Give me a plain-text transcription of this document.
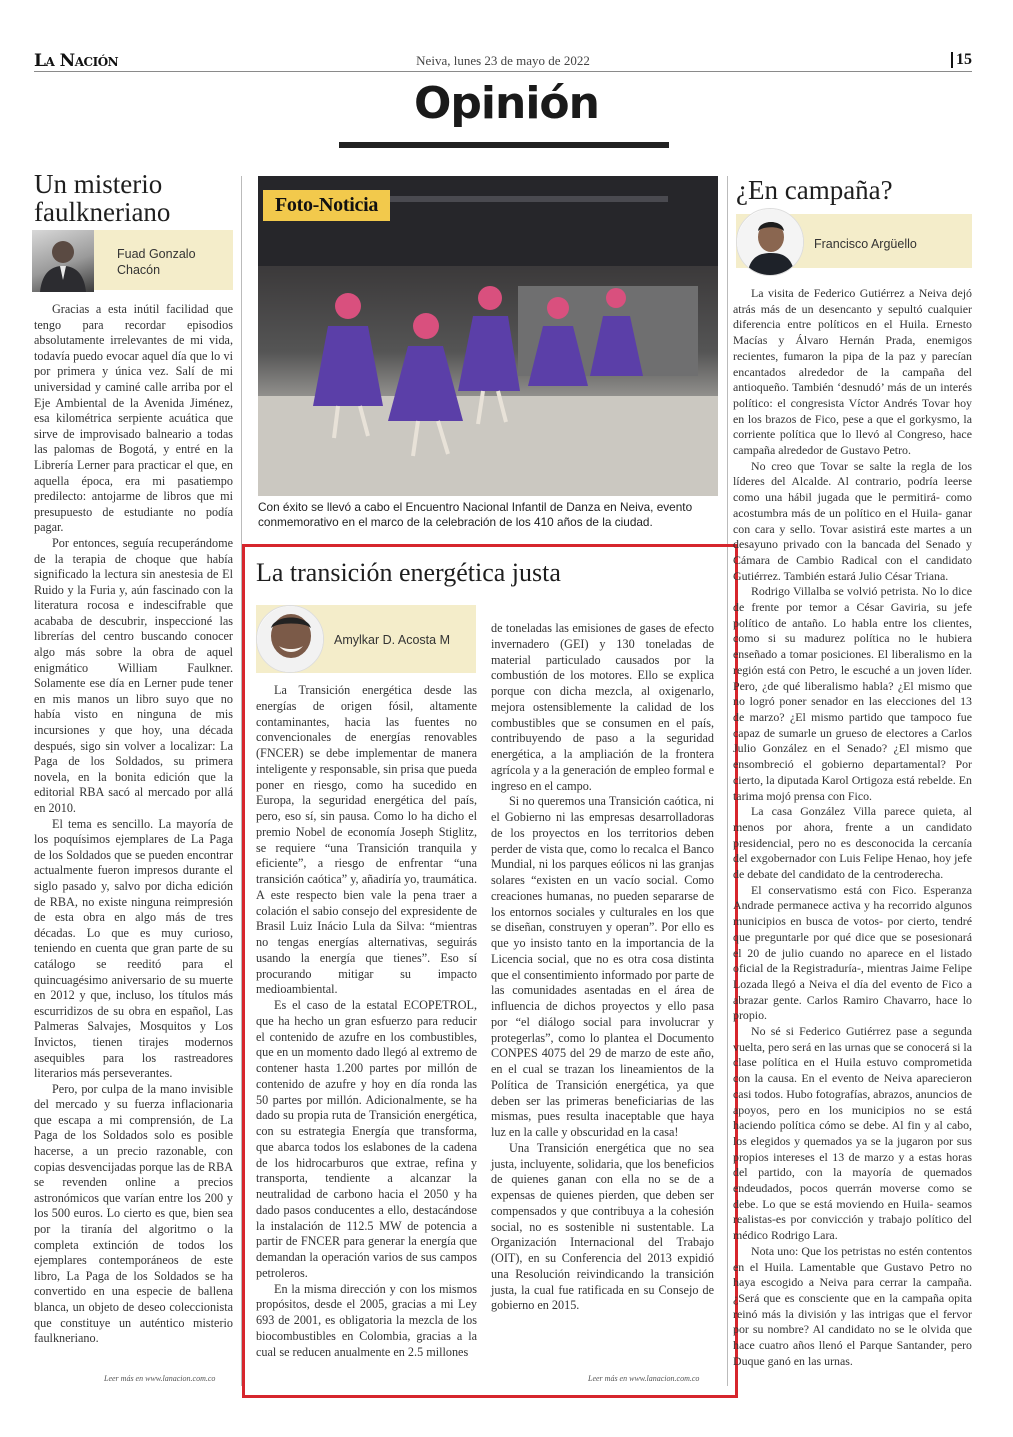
La Nación	Neiva, lunes 23 de mayo de 2022	15
Opinión
Un misterio faulkneriano
Fuad Gonzalo Chacón

Gracias a esta inútil facilidad que tengo para recordar episodios absolutamente irrelevantes de mi vida, todavía puedo evocar aquel día que lo vi por primera y única vez. Salí de mi universidad y caminé calle arriba por el Eje Ambiental de la Avenida Jiménez, esa kilométrica serpiente acuática que sirve de improvisado balneario a todas las palomas de Bogotá, y entré en la Librería Lerner para practicar el que, en aquella época, era mi pasatiempo predilecto: antojarme de libros que mi presupuesto de estudiante no podía pagar.

Por entonces, seguía recuperándome de la terapia de choque que había significado la lectura sin anestesia de El Ruido y la Furia y, aún fascinado con la literatura rocosa e indescifrable que acababa de descubrir, inspeccioné las librerías del centro buscando conocer algo más sobre la obra de aquel enigmático William Faulkner. Solamente ese día en Lerner pude tener en mis manos un libro suyo que no había visto en ninguna de mis incursiones y que hoy, una década después, sigo sin volver a localizar: La Paga de los Soldados, su primera novela, en la bonita edición que la editorial RBA sacó al mercado por allá en 2010.

El tema es sencillo. La mayoría de los poquísimos ejemplares de La Paga de los Soldados que se pueden encontrar actualmente fueron impresos durante el siglo pasado y, salvo por dicha edición de RBA, no existe ninguna reimpresión de esta obra en algo más de tres décadas. Lo que es muy curioso, teniendo en cuenta que gran parte de su catálogo se reeditó para el quincuagésimo aniversario de su muerte en 2012 y que, incluso, los títulos más escurridizos de su obra en español, Las Palmeras Salvajes, Mosquitos y Los Invictos, tienen tirajes modernos asequibles para los rastreadores literarios más perseverantes.

Pero, por culpa de la mano invisible del mercado y su fuerza inflacionaria que escapa a mi comprensión, de La Paga de los Soldados solo es posible hacerse, a un precio razonable, con copias desvencijadas porque las de RBA se revenden online a precios astronómicos que varían entre los 200 y los 500 euros. Lo cierto es que, bien sea por la tiranía del algoritmo o la completa extinción de todos los ejemplares contemporáneos de este libro, La Paga de los Soldados se ha convertido en una especie de ballena blanca, un objeto de deseo coleccionista que constituye un auténtico misterio faulkneriano.

Leer más en www.lanacion.com.co
Foto-Noticia
Con éxito se llevó a cabo el Encuentro Nacional Infantil de Danza en Neiva, evento conmemorativo en el marco de la celebración de los 410 años de la ciudad.
La transición energética justa
Amylkar D. Acosta M

La Transición energética desde las energías de origen fósil, altamente contaminantes, hacia las fuentes no convencionales de energías renovables (FNCER) se debe implementar de manera inteligente y responsable, sin prisa que pueda poner en riesgo, como ha sucedido en Europa, la seguridad energética del país, pero, eso sí, sin pausa. Como lo ha dicho el premio Nobel de economía Joseph Stiglitz, se requiere “una Transición tranquila y eficiente”, a riesgo de enfrentar “una transición caótica” y, añadiría yo, traumática. A este respecto bien vale la pena traer a colación el sabio consejo del expresidente de Brasil Luiz Inácio Lula da Silva: “mientras no tengas energías alternativas, seguirás usando la energía que tienes”. Eso sí procurando mitigar su impacto medioambiental.

Es el caso de la estatal ECOPETROL, que ha hecho un gran esfuerzo para reducir el contenido de azufre en los combustibles, que en un momento dado llegó al extremo de contener hasta 1.200 partes por millón de contenido de azufre y hoy en día ronda las 50 partes por millón. Adicionalmente, se ha dado su propia ruta de Transición energética, con su estrategia Energía que transforma, que abarca todos los eslabones de la cadena de los hidrocarburos que extrae, refina y transporta, tendiente a alcanzar la neutralidad de carbono hacia el 2050 y ha dado pasos conducentes a ello, destacándose la instalación de 112.5 MW de potencia a partir de FNCER para generar la energía que demandan la operación varios de sus campos petroleros.

En la misma dirección y con los mismos propósitos, desde el 2005, gracias a mi Ley 693 de 2001, es obligatoria la mezcla de los biocombustibles en Colombia, gracias a la cual se reducen anualmente en 2.5 millones

de toneladas las emisiones de gases de efecto invernadero (GEI) y 130 toneladas de material particulado causados por la combustión de los motores. Ello se explica porque con dicha mezcla, al oxigenarlo, mejora ostensiblemente la calidad de los combustibles que se consumen en el país, contribuyendo de paso a la seguridad energética, a la ampliación de la frontera agrícola y a la generación de empleo formal e ingreso en el campo.

Si no queremos una Transición caótica, ni el Gobierno ni las empresas desarrolladoras de los proyectos en los territorios deben perder de vista que, como lo recalca el Banco Mundial, ni los parques eólicos ni las granjas solares “existen en un vacío social. Como creaciones humanas, no pueden separarse de los entornos sociales y culturales en los que se diseñan, construyen y operan”. Por ello es que yo insisto tanto en la importancia de la Licencia social, que no es otra cosa distinta que el consentimiento informado por parte de las comunidades asentadas en el área de influencia de dichos proyectos y ello pasa por “el diálogo social para involucrar y protegerlas”, como lo plantea el Documento CONPES 4075 del 29 de marzo de este año, en el cual se trazan los lineamientos de la Política de Transición energética, ya que deben ser las primeras beneficiarias de las mismas, pues resulta inaceptable que haya luz en la calle y obscuridad en la casa!

Una Transición energética que no sea justa, incluyente, solidaria, que los beneficios de quienes ganan con ella no se de a expensas de quienes pierden, que deben ser compensados y que contribuya a la cohesión social, no es sostenible ni sustentable. La Organización Internacional del Trabajo (OIT), en su Conferencia del 2013 expidió una Resolución reivindicando la transición justa, la cual fue ratificada en su Consejo de gobierno en 2015.

Leer más en www.lanacion.com.co
¿En campaña?
Francisco Argüello

La visita de Federico Gutiérrez a Neiva dejó atrás más de un desencanto y sepultó cualquier diferencia entre políticos en el Huila. Ernesto Macías y Álvaro Hernán Prada, enemigos recientes, fumaron la pipa de la paz y parecían encantados alrededor de la campaña del antioqueño. También ‘desnudó’ más de un interés político: el congresista Víctor Andrés Tovar hoy en los brazos de Fico, pese a que el gorkysmo, la corriente política que lo llevó al Congreso, hace campaña alrededor de Gustavo Petro.

No creo que Tovar se salte la regla de los líderes del Alcalde. Al contrario, podría leerse como una hábil jugada que le permitirá- como acostumbra más de un político en el Huila- ganar con cara y sello. Tovar asistirá este martes a un desayuno privado con la bancada del Senado y Cámara de Cambio Radical con el candidato Gutiérrez. También estará Julio César Triana.

Rodrigo Villalba se volvió petrista. No lo dice de frente por temor a César Gaviria, su jefe político de antaño. Lo habla entre los clientes, como si su madurez política no le hubiera enseñado a tomar posiciones. El liberalismo en la región está con Petro, le escuché a un joven líder. Pero, ¿de qué liberalismo habla? ¿El mismo que no logró poner senador en las elecciones del 13 de marzo? ¿El mismo partido que tampoco fue capaz de sumarle un grueso de electores a Carlos Julio González en el Senado? ¿El mismo que ensombreció el gobierno departamental? Por cierto, la diputada Karol Ortigoza está rebelde. En tarima mojó prensa con Fico.

La casa González Villa parece quieta, al menos por ahora, frente a un candidato presidencial, pero no es desconocida la cercanía del exgobernador con Luis Felipe Henao, hoy jefe de debate del candidato de la centroderecha.

El conservatismo está con Fico. Esperanza Andrade permanece activa y ha recorrido algunos municipios en busca de votos- por cierto, tendré que preguntarle por qué dice que se posesionará el 20 de julio cuando no aparece en el listado oficial de la Registraduría-, mientras Jaime Felipe Lozada llegó a Neiva el día del evento de Fico a abrazar gente. Carlos Ramiro Chavarro, hace lo propio.

No sé si Federico Gutiérrez pase a segunda vuelta, pero será en las urnas que se conocerá si la clase política en el Huila estuvo comprometida con la causa. En el evento de Neiva aparecieron casi todos. Hubo fotografías, abrazos, anuncios de apoyos, pero en los municipios no se está haciendo política cómo se debe. Al fin y al cabo, los elegidos y quemados ya se la jugaron por sus propios intereses el 13 de marzo y a estas horas del partido, con la mayoría de quemados endeudados, pocos querrán moverse como se debe. Lo que se está moviendo en Huila- seamos realistas-es por convicción y trabajo político del médico Rodrigo Lara.

Nota uno: Que los petristas no estén contentos en el Huila. Lamentable que Gustavo Petro no haya escogido a Neiva para cerrar la campaña.¿Será que es consciente que en la campaña opita reinó más la división y las intrigas que el fervor por su nombre? Al candidato no se le olvida que hace cuatro años llenó el Parque Santander, pero Duque ganó en las urnas.
